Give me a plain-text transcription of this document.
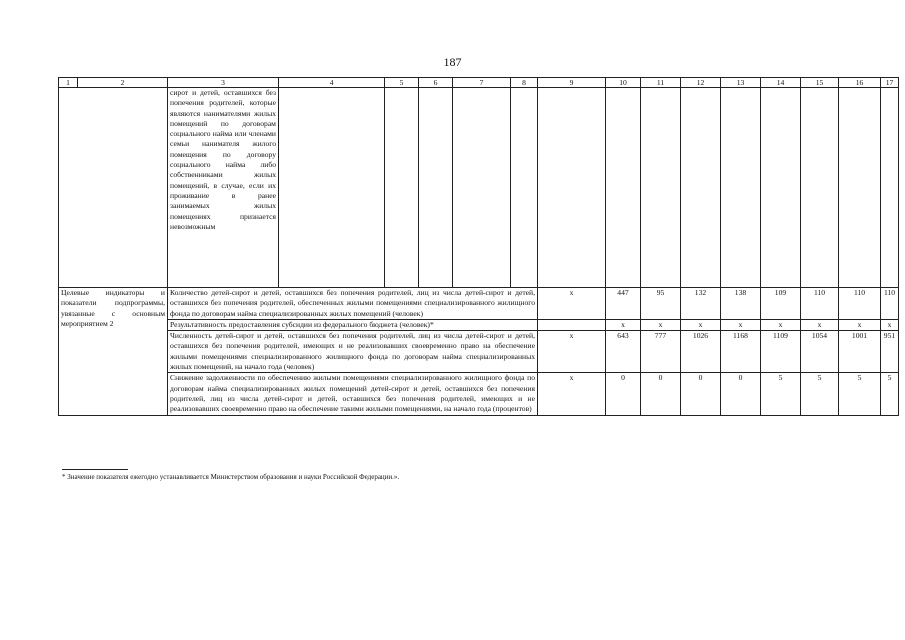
187
1	2	3	4	5	6	7	8	9	10	11	12	13	14	15	16	17
		сирот и детей, оставшихся без попечения родителей, которые являются нанимателями жилых помещений по договорам социального найма или членами семьи нанимателя жилого помещения по договору социального найма либо собственниками жилых помещений, в случае, если их проживание в ранее занимаемых жилых помещениях признается невозможным														
Целевые индикаторы и показатели подпрограммы, увязанные с основным мероприятием 2		Количество детей-сирот и детей, оставшихся без попечения родителей, лиц из числа детей-сирот и детей, оставшихся без попечения родителей, обеспеченных жилыми помещениями специализированного жилищного фонда по договорам найма специализированных жилых помещений (человек)						x	447	95	132	138	109	110	110	110
		Результативность предоставления субсидии из федерального бюджета (человек)*							x	x	x	x	x	x	x	x
		Численность детей-сирот и детей, оставшихся без попечения родителей, лиц из числа детей-сирот и детей, оставшихся без попечения родителей, имеющих и не реализовавших своевременно право на обеспечение жилыми помещениями специализированного жилищного фонда по договорам найма специализированных жилых помещений, на начало года (человек)						x	643	777	1026	1168	1109	1054	1001	951
		Снижение задолженности по обеспечению жилыми помещениями специализированного жилищного фонда по договорам найма специализированных жилых помещений детей-сирот и детей, оставшихся без попечения родителей, лиц из числа детей-сирот и детей, оставшихся без попечения родителей, имеющих и не реализовавших своевременно право на обеспечение такими жилыми помещениями, на начало года (процентов)						x	0	0	0	0	5	5	5	5
* Значение показателя ежегодно устанавливается Министерством образования и науки Российской Федерации.».
